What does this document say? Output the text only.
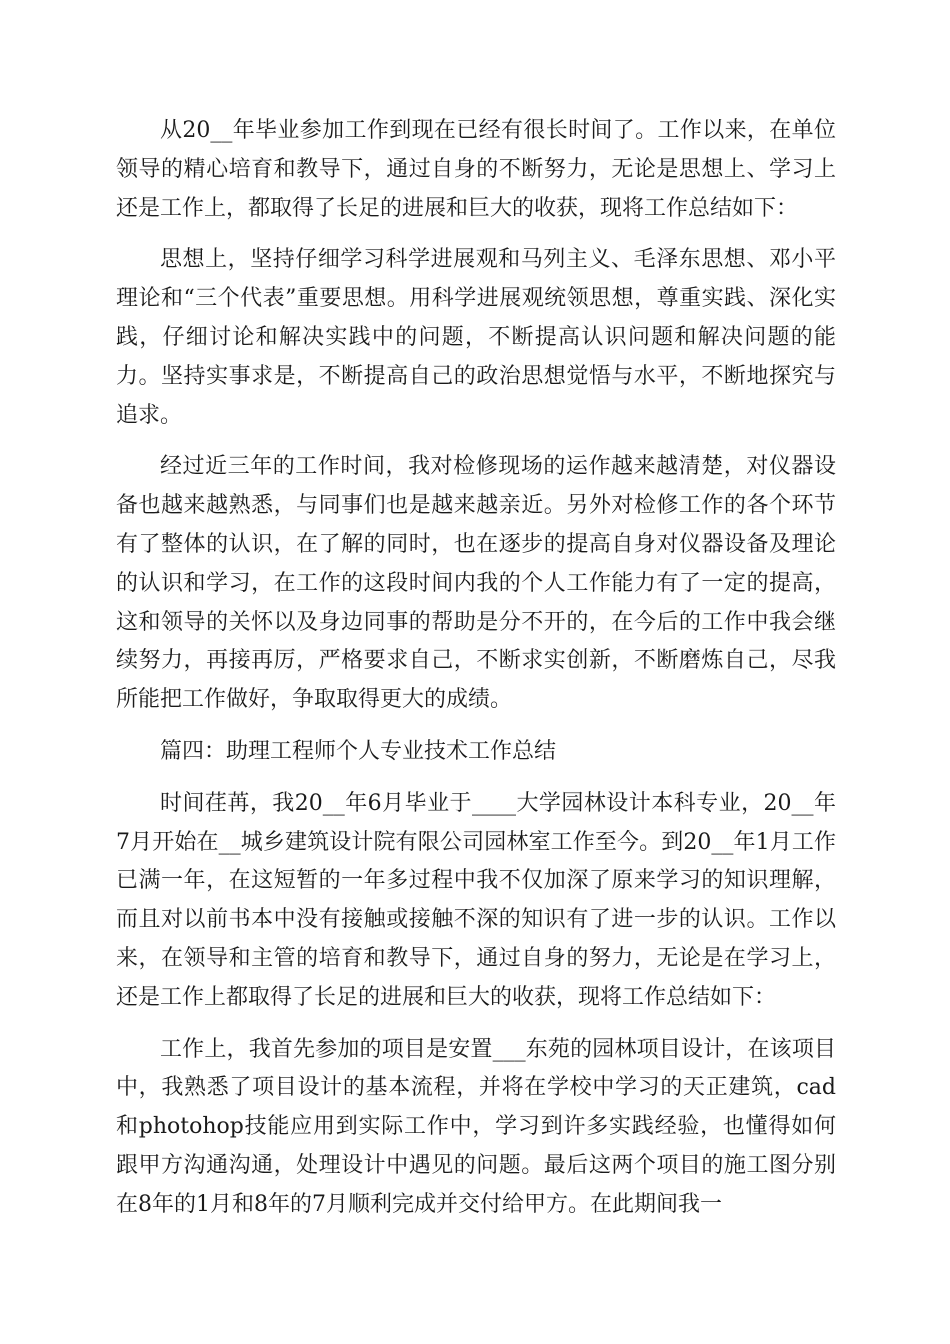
从20__年毕业参加工作到现在已经有很长时间了。工作以来，在单位领导的精心培育和教导下，通过自身的不断努力，无论是思想上、学习上还是工作上，都取得了长足的进展和巨大的收获，现将工作总结如下：

思想上，坚持仔细学习科学进展观和马列主义、毛泽东思想、邓小平理论和“三个代表”重要思想。用科学进展观统领思想，尊重实践、深化实践，仔细讨论和解决实践中的问题，不断提高认识问题和解决问题的能力。坚持实事求是，不断提高自己的政治思想觉悟与水平，不断地探究与追求。

经过近三年的工作时间，我对检修现场的运作越来越清楚，对仪器设备也越来越熟悉，与同事们也是越来越亲近。另外对检修工作的各个环节有了整体的认识，在了解的同时，也在逐步的提高自身对仪器设备及理论的认识和学习，在工作的这段时间内我的个人工作能力有了一定的提高，这和领导的关怀以及身边同事的帮助是分不开的，在今后的工作中我会继续努力，再接再厉，严格要求自己，不断求实创新，不断磨炼自己，尽我所能把工作做好，争取取得更大的成绩。

篇四：助理工程师个人专业技术工作总结

时间荏苒，我20__年6月毕业于____大学园林设计本科专业，20__年7月开始在__城乡建筑设计院有限公司园林室工作至今。到20__年1月工作已满一年，在这短暂的一年多过程中我不仅加深了原来学习的知识理解，而且对以前书本中没有接触或接触不深的知识有了进一步的认识。工作以来，在领导和主管的培育和教导下，通过自身的努力，无论是在学习上，还是工作上都取得了长足的进展和巨大的收获，现将工作总结如下：

工作上，我首先参加的项目是安置___东苑的园林项目设计，在该项目中，我熟悉了项目设计的基本流程，并将在学校中学习的天正建筑，cad和photohop技能应用到实际工作中，学习到许多实践经验，也懂得如何跟甲方沟通沟通，处理设计中遇见的问题。最后这两个项目的施工图分别在8年的1月和8年的7月顺利完成并交付给甲方。在此期间我一
